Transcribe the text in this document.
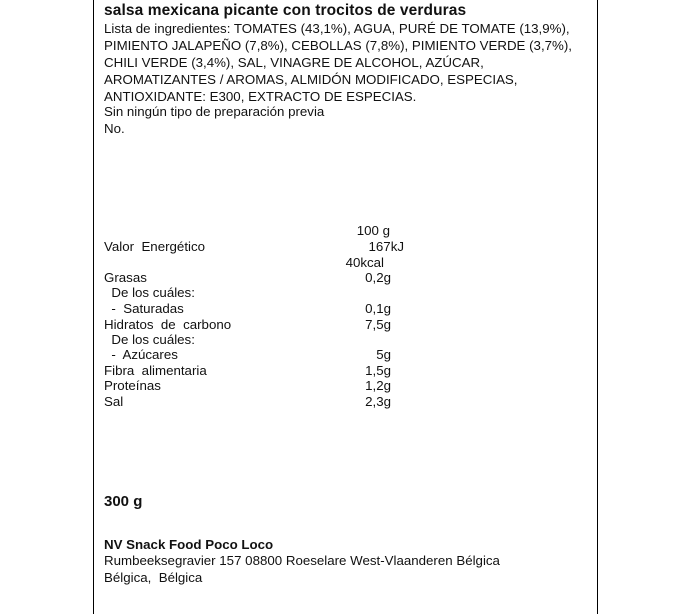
salsa mexicana picante con trocitos de verduras
Lista de ingredientes: TOMATES (43,1%), AGUA, PURÉ DE TOMATE (13,9%), PIMIENTO JALAPEÑO (7,8%), CEBOLLAS (7,8%), PIMIENTO VERDE (3,7%), CHILI VERDE (3,4%), SAL, VINAGRE DE ALCOHOL, AZÚCAR, AROMATIZANTES / AROMAS, ALMIDÓN MODIFICADO, ESPECIAS, ANTIOXIDANTE: E300, EXTRACTO DE ESPECIAS.
Sin ningún tipo de preparación previa
No.
100 g
Valor  Energético	167kJ
40kcal
Grasas	0,2g
De los cuáles:
-  Saturadas	0,1g
Hidratos  de  carbono	7,5g
De los cuáles:
-  Azúcares	5g
Fibra  alimentaria	1,5g
Proteínas	1,2g
Sal	2,3g
300 g
NV Snack Food Poco Loco
Rumbeeksegravier 157 08800 Roeselare West-Vlaanderen Bélgica
Bélgica,  Bélgica
